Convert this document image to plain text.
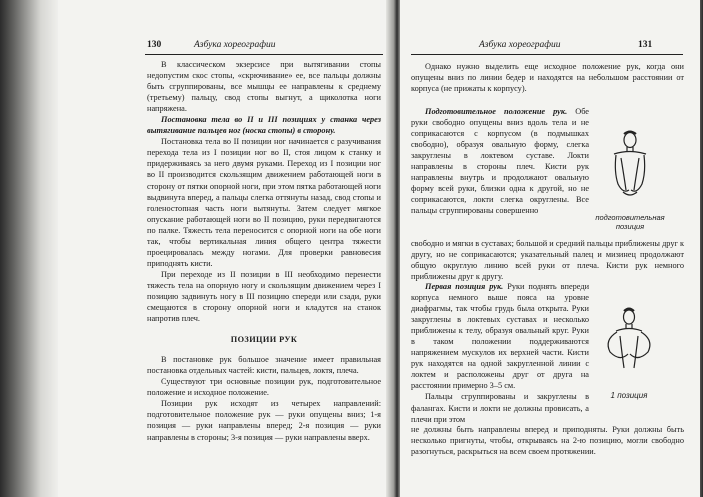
130	Азбука хореографии

В классическом экзерсисе при вытягивании стопы недопустим скос стопы, «скрючивание» ее, все пальцы должны быть сгруппированы, все мышцы ее направлены к среднему (третьему) пальцу, свод стопы выгнут, а щиколотка ноги напряжена.

Постановка тела во II и III позициях у станка через вытягивание пальцев ног (носка стопы) в сторону.

Постановка тела во II позиции ног начинается с разучивания перехода тела из I позиции ног во II, стоя лицом к станку и придерживаясь за него двумя руками. Переход из I позиции ног во II производится скользящим движением работающей ноги в сторону от пятки опорной ноги, при этом пятка работающей ноги выдвинута вперед, а пальцы слегка оттянуты назад, свод стопы и голеностопная часть ноги вытянуты. Затем следует мягкое опускание работающей ноги во II позицию, руки передвигаются по палке. Тяжесть тела переносится с опорной ноги на обе ноги так, чтобы вертикальная линия общего центра тяжести проецировалась между ногами. Для проверки равновесия приподнять кисти.

При переходе из II позиции в III необходимо перенести тяжесть тела на опорную ногу и скользящим движением через I позицию задвинуть ногу в III позицию спереди или сзади, руки смещаются в сторону опорной ноги и кладутся на станок напротив плеч.

ПОЗИЦИИ РУК

В постановке рук большое значение имеет правильная постановка отдельных частей: кисти, пальцев, локтя, плеча.

Существуют три основные позиции рук, подготовительное положение и исходное положение.

Позиции рук исходят из четырех направлений: подготовительное положение рук — руки опущены вниз; 1-я позиция — руки направлены вперед; 2-я позиция — руки направлены в стороны; 3-я позиция — руки направлены вверх.

Азбука хореографии	131

Однако нужно выделить еще исходное положение рук, когда они опущены вниз по линии бедер и находятся на небольшом расстоянии от корпуса (не прижаты к корпусу).

Подготовительное положение рук. Обе руки свободно опущены вниз вдоль тела и не соприкасаются с корпусом (в подмышках свободно), образуя овальную форму, слегка закруглены в локтевом суставе. Локти направлены в стороны плеч. Кисти рук направлены внутрь и продолжают овальную форму всей руки, близки одна к другой, но не соприкасаются, локти слегка округлены. Все пальцы сгруппированы совершенно

свободно и мягки в суставах; большой и средний пальцы приближены друг к другу, но не соприкасаются; указательный палец и мизинец продолжают общую округлую линию всей руки от плеча. Кисти рук немного приближены друг к другу.

Первая позиция рук. Руки поднять впереди корпуса немного выше пояса на уровне диафрагмы, так чтобы грудь была открыта. Руки закруглены в локтевых суставах и несколько приближены к телу, образуя овальный круг. Руки в таком положении поддерживаются напряжением мускулов их верхней части. Кисти рук находятся на одной закругленной линии с локтем и расположены друг от друга на расстоянии примерно 3–5 см.

Пальцы сгруппированы и закруглены в фалангах. Кисти и локти не должны провисать, а плечи при этом

не должны быть направлены вперед и приподняты. Руки должны быть несколько пригнуты, чтобы, открываясь на 2-ю позицию, могли свободно разогнуться, раскрыться на всем своем протяжении.

подготовительная позиция
1 позиция
